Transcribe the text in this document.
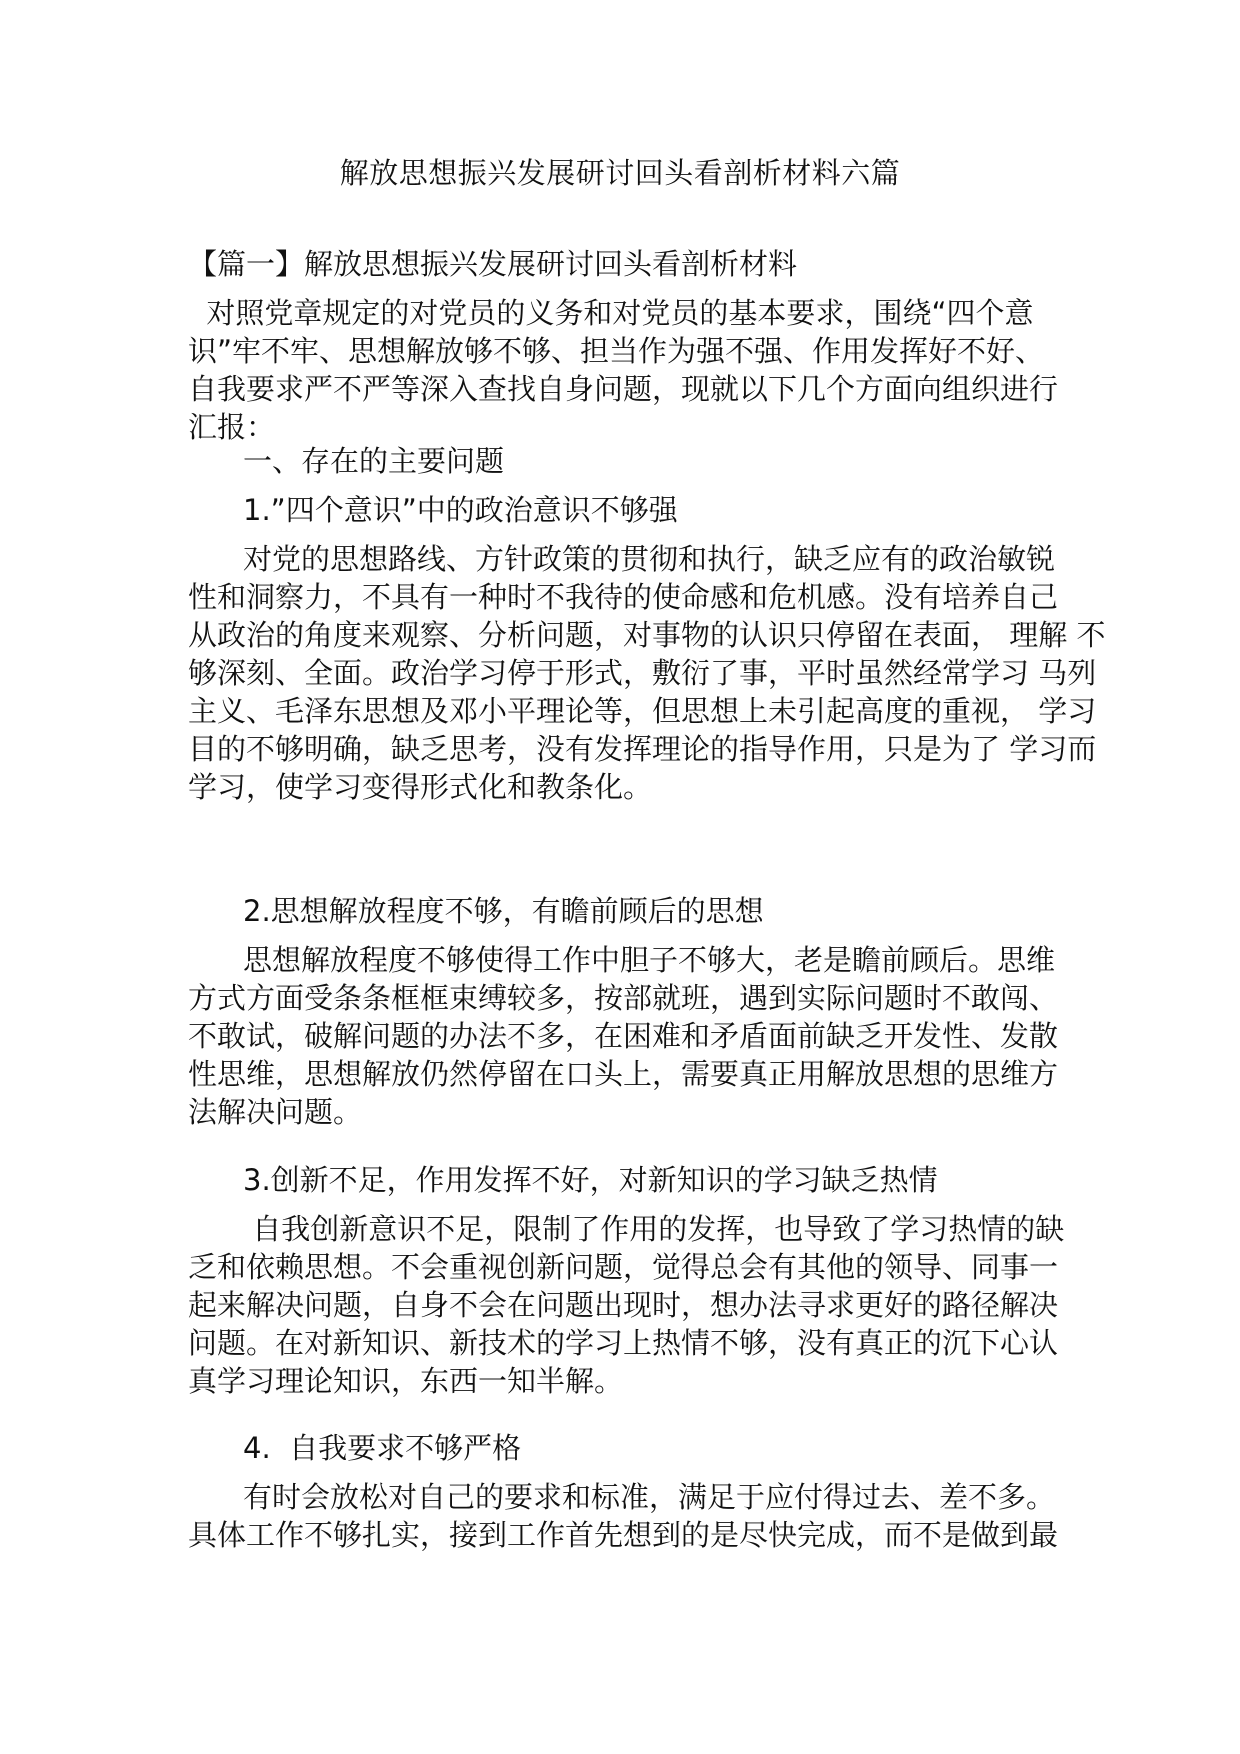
解放思想振兴发展研讨回头看剖析材料六篇
【篇一】解放思想振兴发展研讨回头看剖析材料
对照党章规定的对党员的义务和对党员的基本要求，围绕“四个意
识”牢不牢、思想解放够不够、担当作为强不强、作用发挥好不好、
自我要求严不严等深入查找自身问题，现就以下几个方面向组织进行
汇报：
一、存在的主要问题
1.”四个意识”中的政治意识不够强
对党的思想路线、方针政策的贯彻和执行，缺乏应有的政治敏锐
性和洞察力，不具有一种时不我待的使命感和危机感。没有培养自己
从政治的角度来观察、分析问题，对事物的认识只停留在表面， 理解 不
够深刻、全面。政治学习停于形式，敷衍了事，平时虽然经常学习 马列
主义、毛泽东思想及邓小平理论等，但思想上未引起高度的重视， 学习
目的不够明确，缺乏思考，没有发挥理论的指导作用，只是为了 学习而
学习，使学习变得形式化和教条化。
2.思想解放程度不够，有瞻前顾后的思想
思想解放程度不够使得工作中胆子不够大，老是瞻前顾后。思维
方式方面受条条框框束缚较多，按部就班，遇到实际问题时不敢闯、
不敢试，破解问题的办法不多，在困难和矛盾面前缺乏开发性、发散
性思维，思想解放仍然停留在口头上，需要真正用解放思想的思维方
法解决问题。
3.创新不足，作用发挥不好，对新知识的学习缺乏热情
自我创新意识不足，限制了作用的发挥，也导致了学习热情的缺
乏和依赖思想。不会重视创新问题，觉得总会有其他的领导、同事一
起来解决问题，自身不会在问题出现时，想办法寻求更好的路径解决
问题。在对新知识、新技术的学习上热情不够，没有真正的沉下心认
真学习理论知识，东西一知半解。
4.  自我要求不够严格
有时会放松对自己的要求和标准，满足于应付得过去、差不多。
具体工作不够扎实，接到工作首先想到的是尽快完成，而不是做到最
